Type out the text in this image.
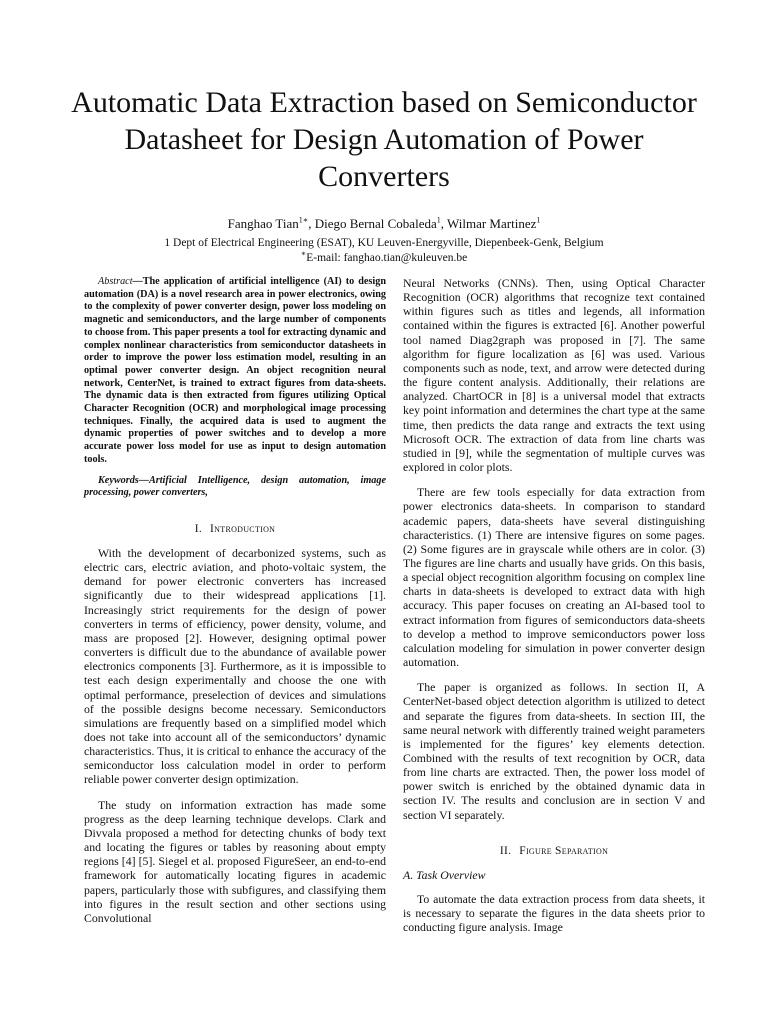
Automatic Data Extraction based on Semiconductor Datasheet for Design Automation of Power Converters
Fanghao Tian$^{1∗}$, Diego Bernal Cobaleda$^1$, Wilmar Martinez$^1$
1 Dept of Electrical Engineering (ESAT), KU Leuven-Energyville, Diepenbeek-Genk, Belgium
∗E-mail: fanghao.tian@kuleuven.be

Abstract—The application of artificial intelligence (AI) to design automation (DA) is a novel research area in power electronics, owing to the complexity of power converter design, power loss modeling on magnetic and semiconductors, and the large number of components to choose from. This paper presents a tool for extracting dynamic and complex nonlinear characteristics from semiconductor datasheets in order to improve the power loss estimation model, resulting in an optimal power converter design. An object recognition neural network, CenterNet, is trained to extract figures from data-sheets. The dynamic data is then extracted from figures utilizing Optical Character Recognition (OCR) and morphological image processing techniques. Finally, the acquired data is used to augment the dynamic properties of power switches and to develop a more accurate power loss model for use as input to design automation tools.

Keywords—Artificial Intelligence, design automation, image processing, power converters,

I. Introduction

With the development of decarbonized systems, such as electric cars, electric aviation, and photo-voltaic system, the demand for power electronic converters has increased significantly due to their widespread applications [1]. Increasingly strict requirements for the design of power converters in terms of efficiency, power density, volume, and mass are proposed [2]. However, designing optimal power converters is difficult due to the abundance of available power electronics components [3]. Furthermore, as it is impossible to test each design experimentally and choose the one with optimal performance, preselection of devices and simulations of the possible designs become necessary. Semiconductors simulations are frequently based on a simplified model which does not take into account all of the semiconductors’ dynamic characteristics. Thus, it is critical to enhance the accuracy of the semiconductor loss calculation model in order to perform reliable power converter design optimization.

The study on information extraction has made some progress as the deep learning technique develops. Clark and Divvala proposed a method for detecting chunks of body text and locating the figures or tables by reasoning about empty regions [4] [5]. Siegel et al. proposed FigureSeer, an end-to-end framework for automatically locating figures in academic papers, particularly those with subfigures, and classifying them into figures in the result section and other sections using Convolutional

Neural Networks (CNNs). Then, using Optical Character Recognition (OCR) algorithms that recognize text contained within figures such as titles and legends, all information contained within the figures is extracted [6]. Another powerful tool named Diag2graph was proposed in [7]. The same algorithm for figure localization as [6] was used. Various components such as node, text, and arrow were detected during the figure content analysis. Additionally, their relations are analyzed. ChartOCR in [8] is a universal model that extracts key point information and determines the chart type at the same time, then predicts the data range and extracts the text using Microsoft OCR. The extraction of data from line charts was studied in [9], while the segmentation of multiple curves was explored in color plots.

There are few tools especially for data extraction from power electronics data-sheets. In comparison to standard academic papers, data-sheets have several distinguishing characteristics. (1) There are intensive figures on some pages. (2) Some figures are in grayscale while others are in color. (3) The figures are line charts and usually have grids. On this basis, a special object recognition algorithm focusing on complex line charts in data-sheets is developed to extract data with high accuracy. This paper focuses on creating an AI-based tool to extract information from figures of semiconductors data-sheets to develop a method to improve semiconductors power loss calculation modeling for simulation in power converter design automation.

The paper is organized as follows. In section II, A CenterNet-based object detection algorithm is utilized to detect and separate the figures from data-sheets. In section III, the same neural network with differently trained weight parameters is implemented for the figures’ key elements detection. Combined with the results of text recognition by OCR, data from line charts are extracted. Then, the power loss model of power switch is enriched by the obtained dynamic data in section IV. The results and conclusion are in section V and section VI separately.

II. Figure Separation
A. Task Overview

To automate the data extraction process from data sheets, it is necessary to separate the figures in the data sheets prior to conducting figure analysis. Image
